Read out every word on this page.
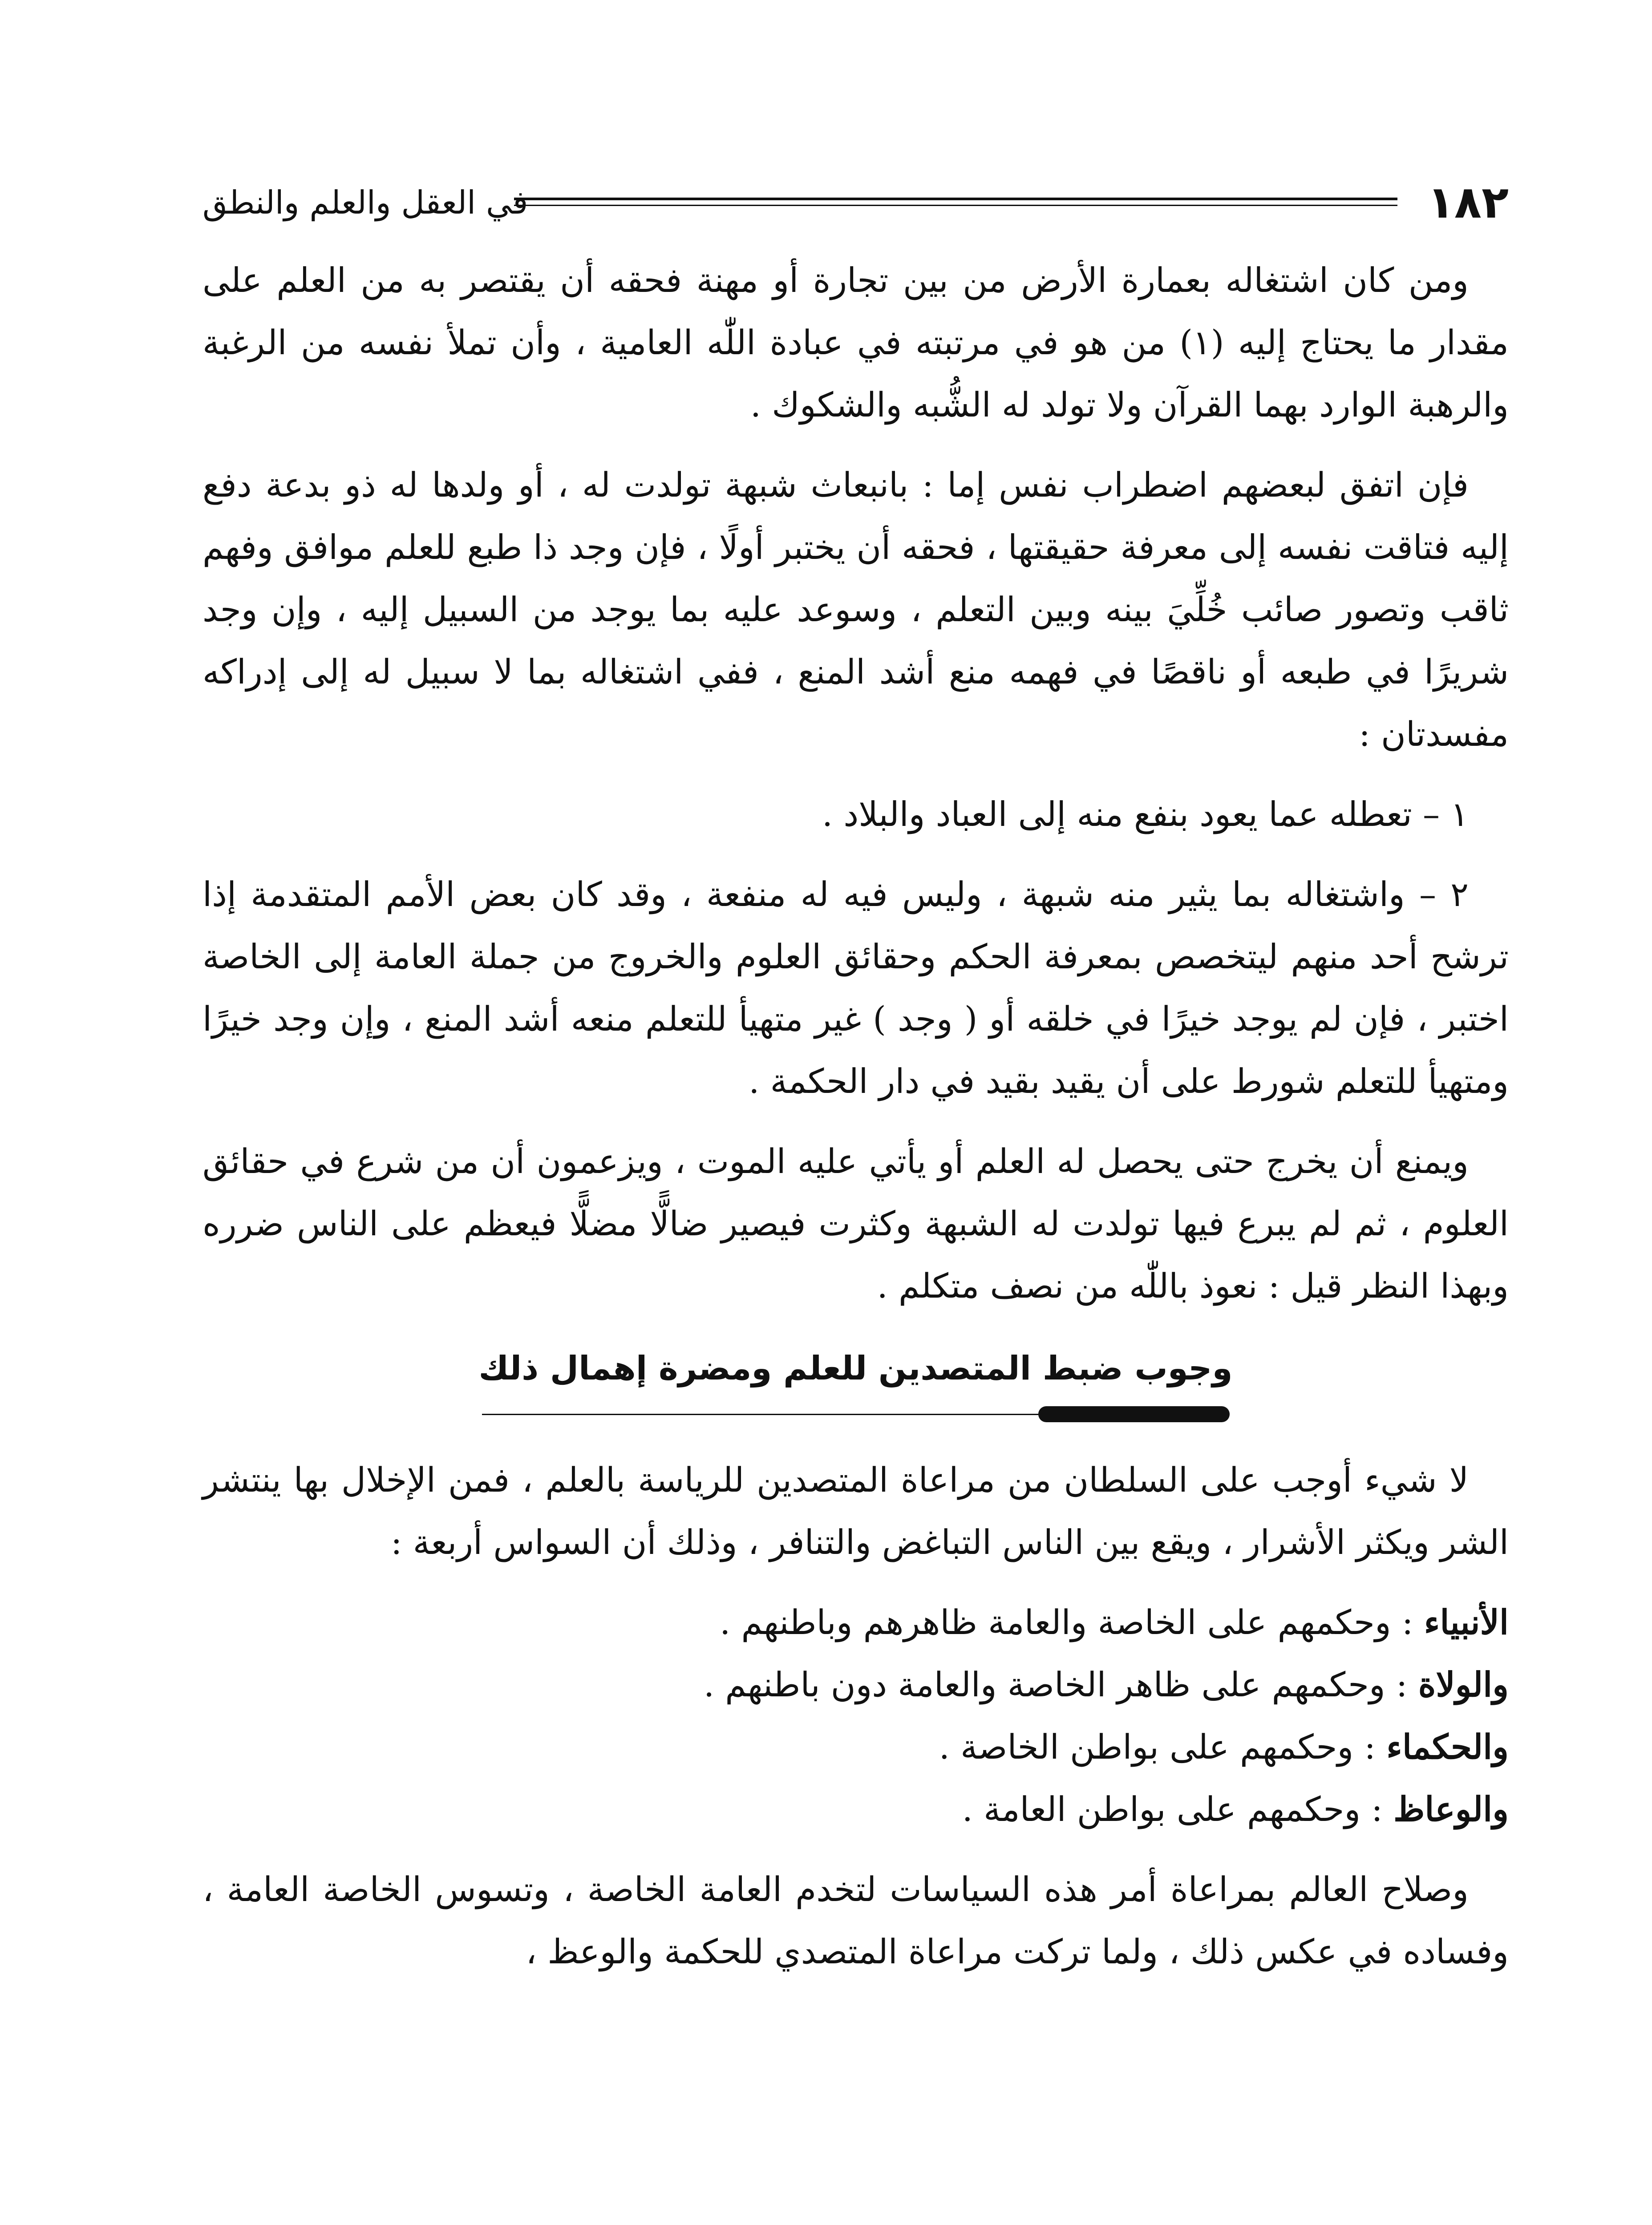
١٨٢
في العقل والعلم والنطق

ومن كان اشتغاله بعمارة الأرض من بين تجارة أو مهنة فحقه أن يقتصر به من العلم على مقدار ما يحتاج إليه (١) من هو في مرتبته في عبادة اللّٰه العامية ، وأن تملأ نفسه من الرغبة والرهبة الوارد بهما القرآن ولا تولد له الشُّبه والشكوك .

فإن اتفق لبعضهم اضطراب نفس إما : بانبعاث شبهة تولدت له ، أو ولدها له ذو بدعة دفع إليه فتاقت نفسه إلى معرفة حقيقتها ، فحقه أن يختبر أولًا ، فإن وجد ذا طبع للعلم موافق وفهم ثاقب وتصور صائب خُلِّيَ بينه وبين التعلم ، وسوعد عليه بما يوجد من السبيل إليه ، وإن وجد شريرًا في طبعه أو ناقصًا في فهمه منع أشد المنع ، ففي اشتغاله بما لا سبيل له إلى إدراكه مفسدتان :

١ – تعطله عما يعود بنفع منه إلى العباد والبلاد .

٢ – واشتغاله بما يثير منه شبهة ، وليس فيه له منفعة ، وقد كان بعض الأمم المتقدمة إذا ترشح أحد منهم ليتخصص بمعرفة الحكم وحقائق العلوم والخروج من جملة العامة إلى الخاصة اختبر ، فإن لم يوجد خيرًا في خلقه أو ( وجد ) غير متهيأ للتعلم منعه أشد المنع ، وإن وجد خيرًا ومتهيأ للتعلم شورط على أن يقيد بقيد في دار الحكمة .

ويمنع أن يخرج حتى يحصل له العلم أو يأتي عليه الموت ، ويزعمون أن من شرع في حقائق العلوم ، ثم لم يبرع فيها تولدت له الشبهة وكثرت فيصير ضالًّا مضلًّا فيعظم على الناس ضرره وبهذا النظر قيل : نعوذ باللّٰه من نصف متكلم .

وجوب ضبط المتصدين للعلم ومضرة إهمال ذلك

لا شيء أوجب على السلطان من مراعاة المتصدين للرياسة بالعلم ، فمن الإخلال بها ينتشر الشر ويكثر الأشرار ، ويقع بين الناس التباغض والتنافر ، وذلك أن السواس أربعة :

الأنبياء : وحكمهم على الخاصة والعامة ظاهرهم وباطنهم .

والولاة : وحكمهم على ظاهر الخاصة والعامة دون باطنهم .

والحكماء : وحكمهم على بواطن الخاصة .

والوعاظ : وحكمهم على بواطن العامة .

وصلاح العالم بمراعاة أمر هذه السياسات لتخدم العامة الخاصة ، وتسوس الخاصة العامة ، وفساده في عكس ذلك ، ولما تركت مراعاة المتصدي للحكمة والوعظ ،
